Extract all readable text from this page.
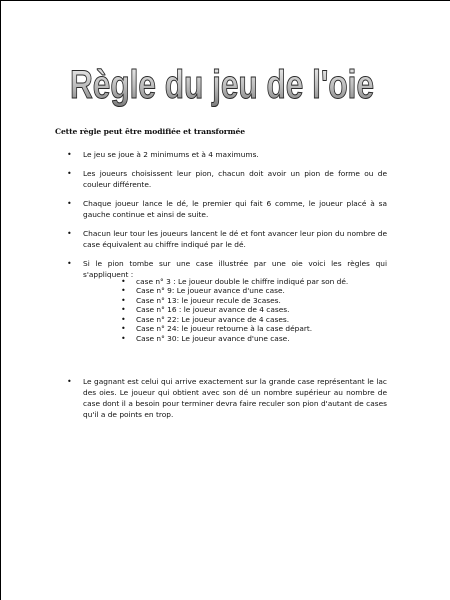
Règle du jeu de l'oie

Cette règle peut être modifiée et transformée

• Le jeu se joue à 2 minimums et à 4 maximums.
• Les joueurs choisissent leur pion, chacun doit avoir un pion de forme ou de couleur différente.
• Chaque joueur lance le dé, le premier qui fait 6 comme, le joueur placé à sa gauche continue et ainsi de suite.
• Chacun leur tour les joueurs lancent le dé et font avancer leur pion du nombre de case équivalent au chiffre indiqué par le dé.
• Si le pion tombe sur une case illustrée par une oie voici les règles qui s'appliquent :
• Le gagnant est celui qui arrive exactement sur la grande case représentant le lac des oies. Le joueur qui obtient avec son dé un nombre supérieur au nombre de case dont il a besoin pour terminer devra faire reculer son pion d'autant de cases qu'il a de points en trop.
• case n° 3 : Le joueur double le chiffre indiqué par son dé.
• Case n° 9: Le joueur avance d'une case.
• Case n° 13: le joueur recule de 3cases.
• Case n° 16 : le joueur avance de 4 cases.
• Case n° 22: Le joueur avance de 4 cases.
• Case n° 24: le joueur retourne à la case départ.
• Case n° 30: Le joueur avance d'une case.
